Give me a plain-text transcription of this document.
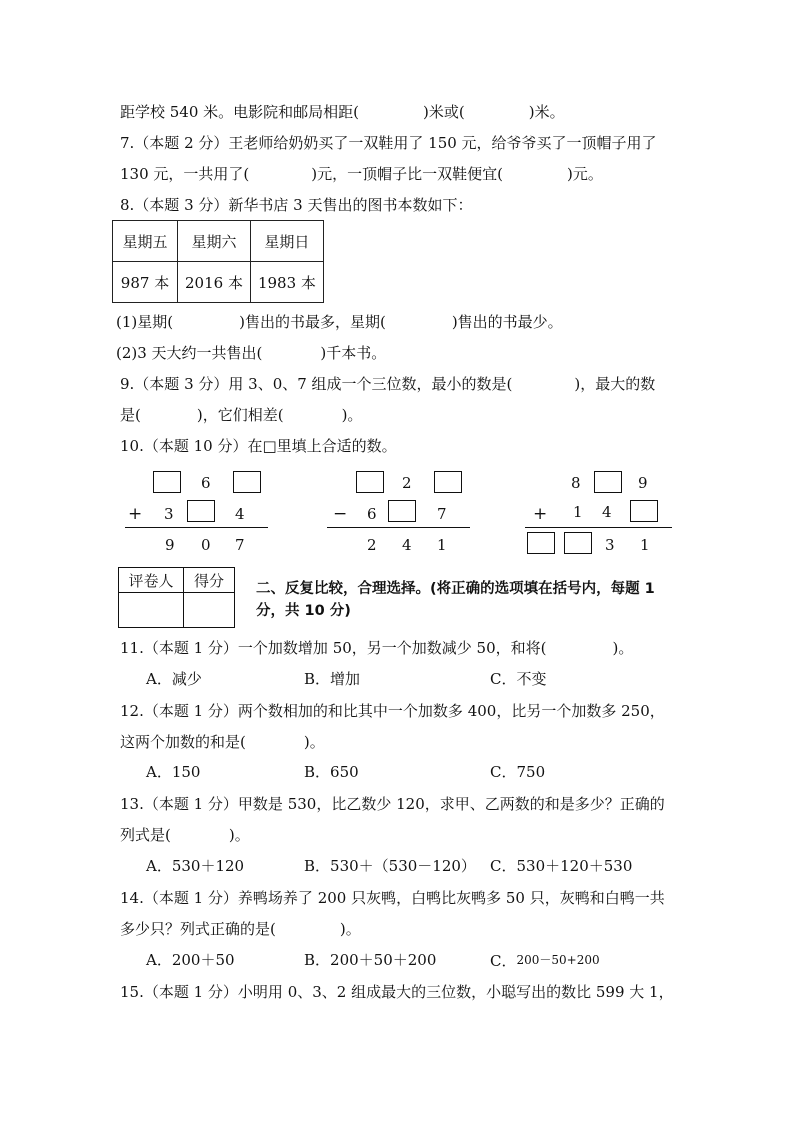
距学校 540 米。电影院和邮局相距(	)米或(	)米。
7.（本题 2 分）王老师给奶奶买了一双鞋用了 150 元，给爷爷买了一顶帽子用了
130 元，一共用了(	)元，一顶帽子比一双鞋便宜(	)元。
8.（本题 3 分）新华书店 3 天售出的图书本数如下：
星期五	星期六	星期日
987 本	2016 本	1983 本
(1)星期(	)售出的书最多，星期(	)售出的书最少。
(2)3 天大约一共售出(	)千本书。
9.（本题 3 分）用 3、0、7 组成一个三位数，最小的数是(	)，最大的数
是(	)，它们相差(	)。
10.（本题 10 分）在□里填上合适的数。
6
+ 3	4
9 0 7
2
− 6	7
2 4 1
8	9
+ 1 4
3 1
评卷人	得分
	二、反复比较，合理选择。(将正确的选项填在括号内，每题 1 分，共 10 分)
11.（本题 1 分）一个加数增加 50，另一个加数减少 50，和将(	)。
A．减少	B．增加	C．不变
12.（本题 1 分）两个数相加的和比其中一个加数多 400，比另一个加数多 250，
这两个加数的和是(	)。
A．150	B．650	C．750
13.（本题 1 分）甲数是 530，比乙数少 120，求甲、乙两数的和是多少？正确的
列式是(	)。
A．530＋120	B．530＋（530－120） C．530＋120＋530
14.（本题 1 分）养鸭场养了 200 只灰鸭，白鸭比灰鸭多 50 只，灰鸭和白鸭一共
多少只？列式正确的是(	)。
A．200＋50	B．200＋50＋200	C．200－50+200
15.（本题 1 分）小明用 0、3、2 组成最大的三位数，小聪写出的数比 599 大 1，
